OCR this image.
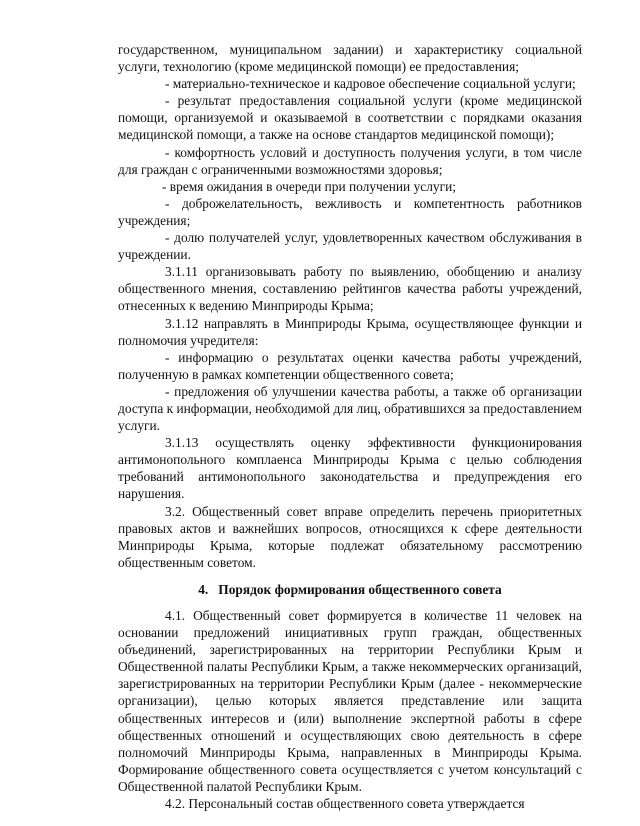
государственном, муниципальном задании) и характеристику социальной услуги, технологию (кроме медицинской помощи) ее предоставления;

- материально-техническое и кадровое обеспечение социальной услуги;

- результат предоставления социальной услуги (кроме медицинской помощи, организуемой и оказываемой в соответствии с порядками оказания медицинской помощи, а также на основе стандартов медицинской помощи);

- комфортность условий и доступность получения услуги, в том числе для граждан с ограниченными возможностями здоровья;

- время ожидания в очереди при получении услуги;

- доброжелательность, вежливость и компетентность работников учреждения;

- долю получателей услуг, удовлетворенных качеством обслуживания в учреждении.

3.1.11 организовывать работу по выявлению, обобщению и анализу общественного мнения, составлению рейтингов качества работы учреждений, отнесенных к ведению Минприроды Крыма;

3.1.12 направлять в Минприроды Крыма, осуществляющее функции и полномочия учредителя:

- информацию о результатах оценки качества работы учреждений, полученную в рамках компетенции общественного совета;

- предложения об улучшении качества работы, а также об организации доступа к информации, необходимой для лиц, обратившихся за предоставлением услуги.

3.1.13 осуществлять оценку эффективности функционирования антимонопольного комплаенса Минприроды Крыма с целью соблюдения требований антимонопольного законодательства и предупреждения его нарушения.

3.2. Общественный совет вправе определить перечень приоритетных правовых актов и важнейших вопросов, относящихся к сфере деятельности Минприроды Крыма, которые подлежат обязательному рассмотрению общественным советом.

4. Порядок формирования общественного совета

4.1. Общественный совет формируется в количестве 11 человек на основании предложений инициативных групп граждан, общественных объединений, зарегистрированных на территории Республики Крым и Общественной палаты Республики Крым, а также некоммерческих организаций, зарегистрированных на территории Республики Крым (далее - некоммерческие организации), целью которых является представление или защита общественных интересов и (или) выполнение экспертной работы в сфере общественных отношений и осуществляющих свою деятельность в сфере полномочий Минприроды Крыма, направленных в Минприроды Крыма. Формирование общественного совета осуществляется с учетом консультаций с Общественной палатой Республики Крым.

4.2. Персональный состав общественного совета утверждается
